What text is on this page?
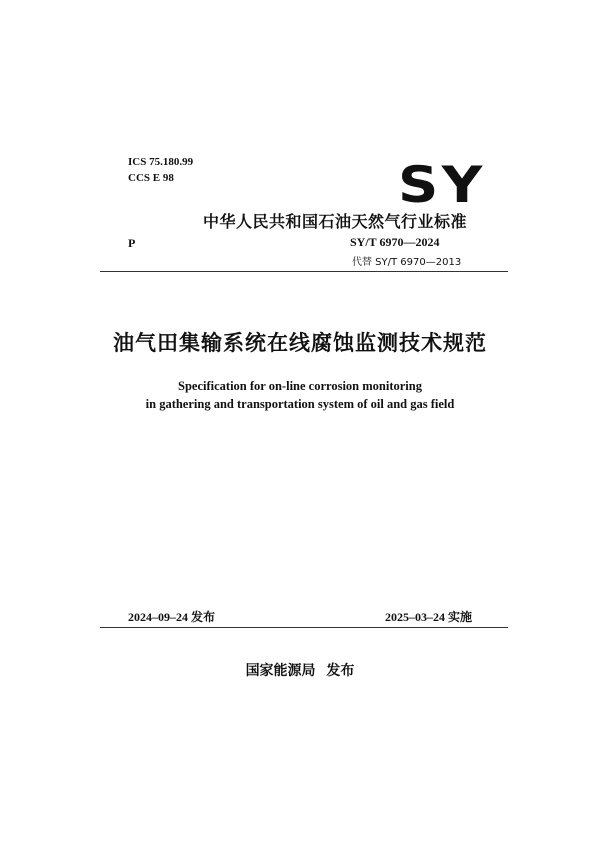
ICS 75.180.99
CCS E 98	SY
中华人民共和国石油天然气行业标准
P	SY/T 6970—2024
代替 SY/T 6970—2013
油气田集输系统在线腐蚀监测技术规范
Specification for on-line corrosion monitoring
in gathering and transportation system of oil and gas field
2024–09–24 发布	2025–03–24 实施
国家能源局 发布
